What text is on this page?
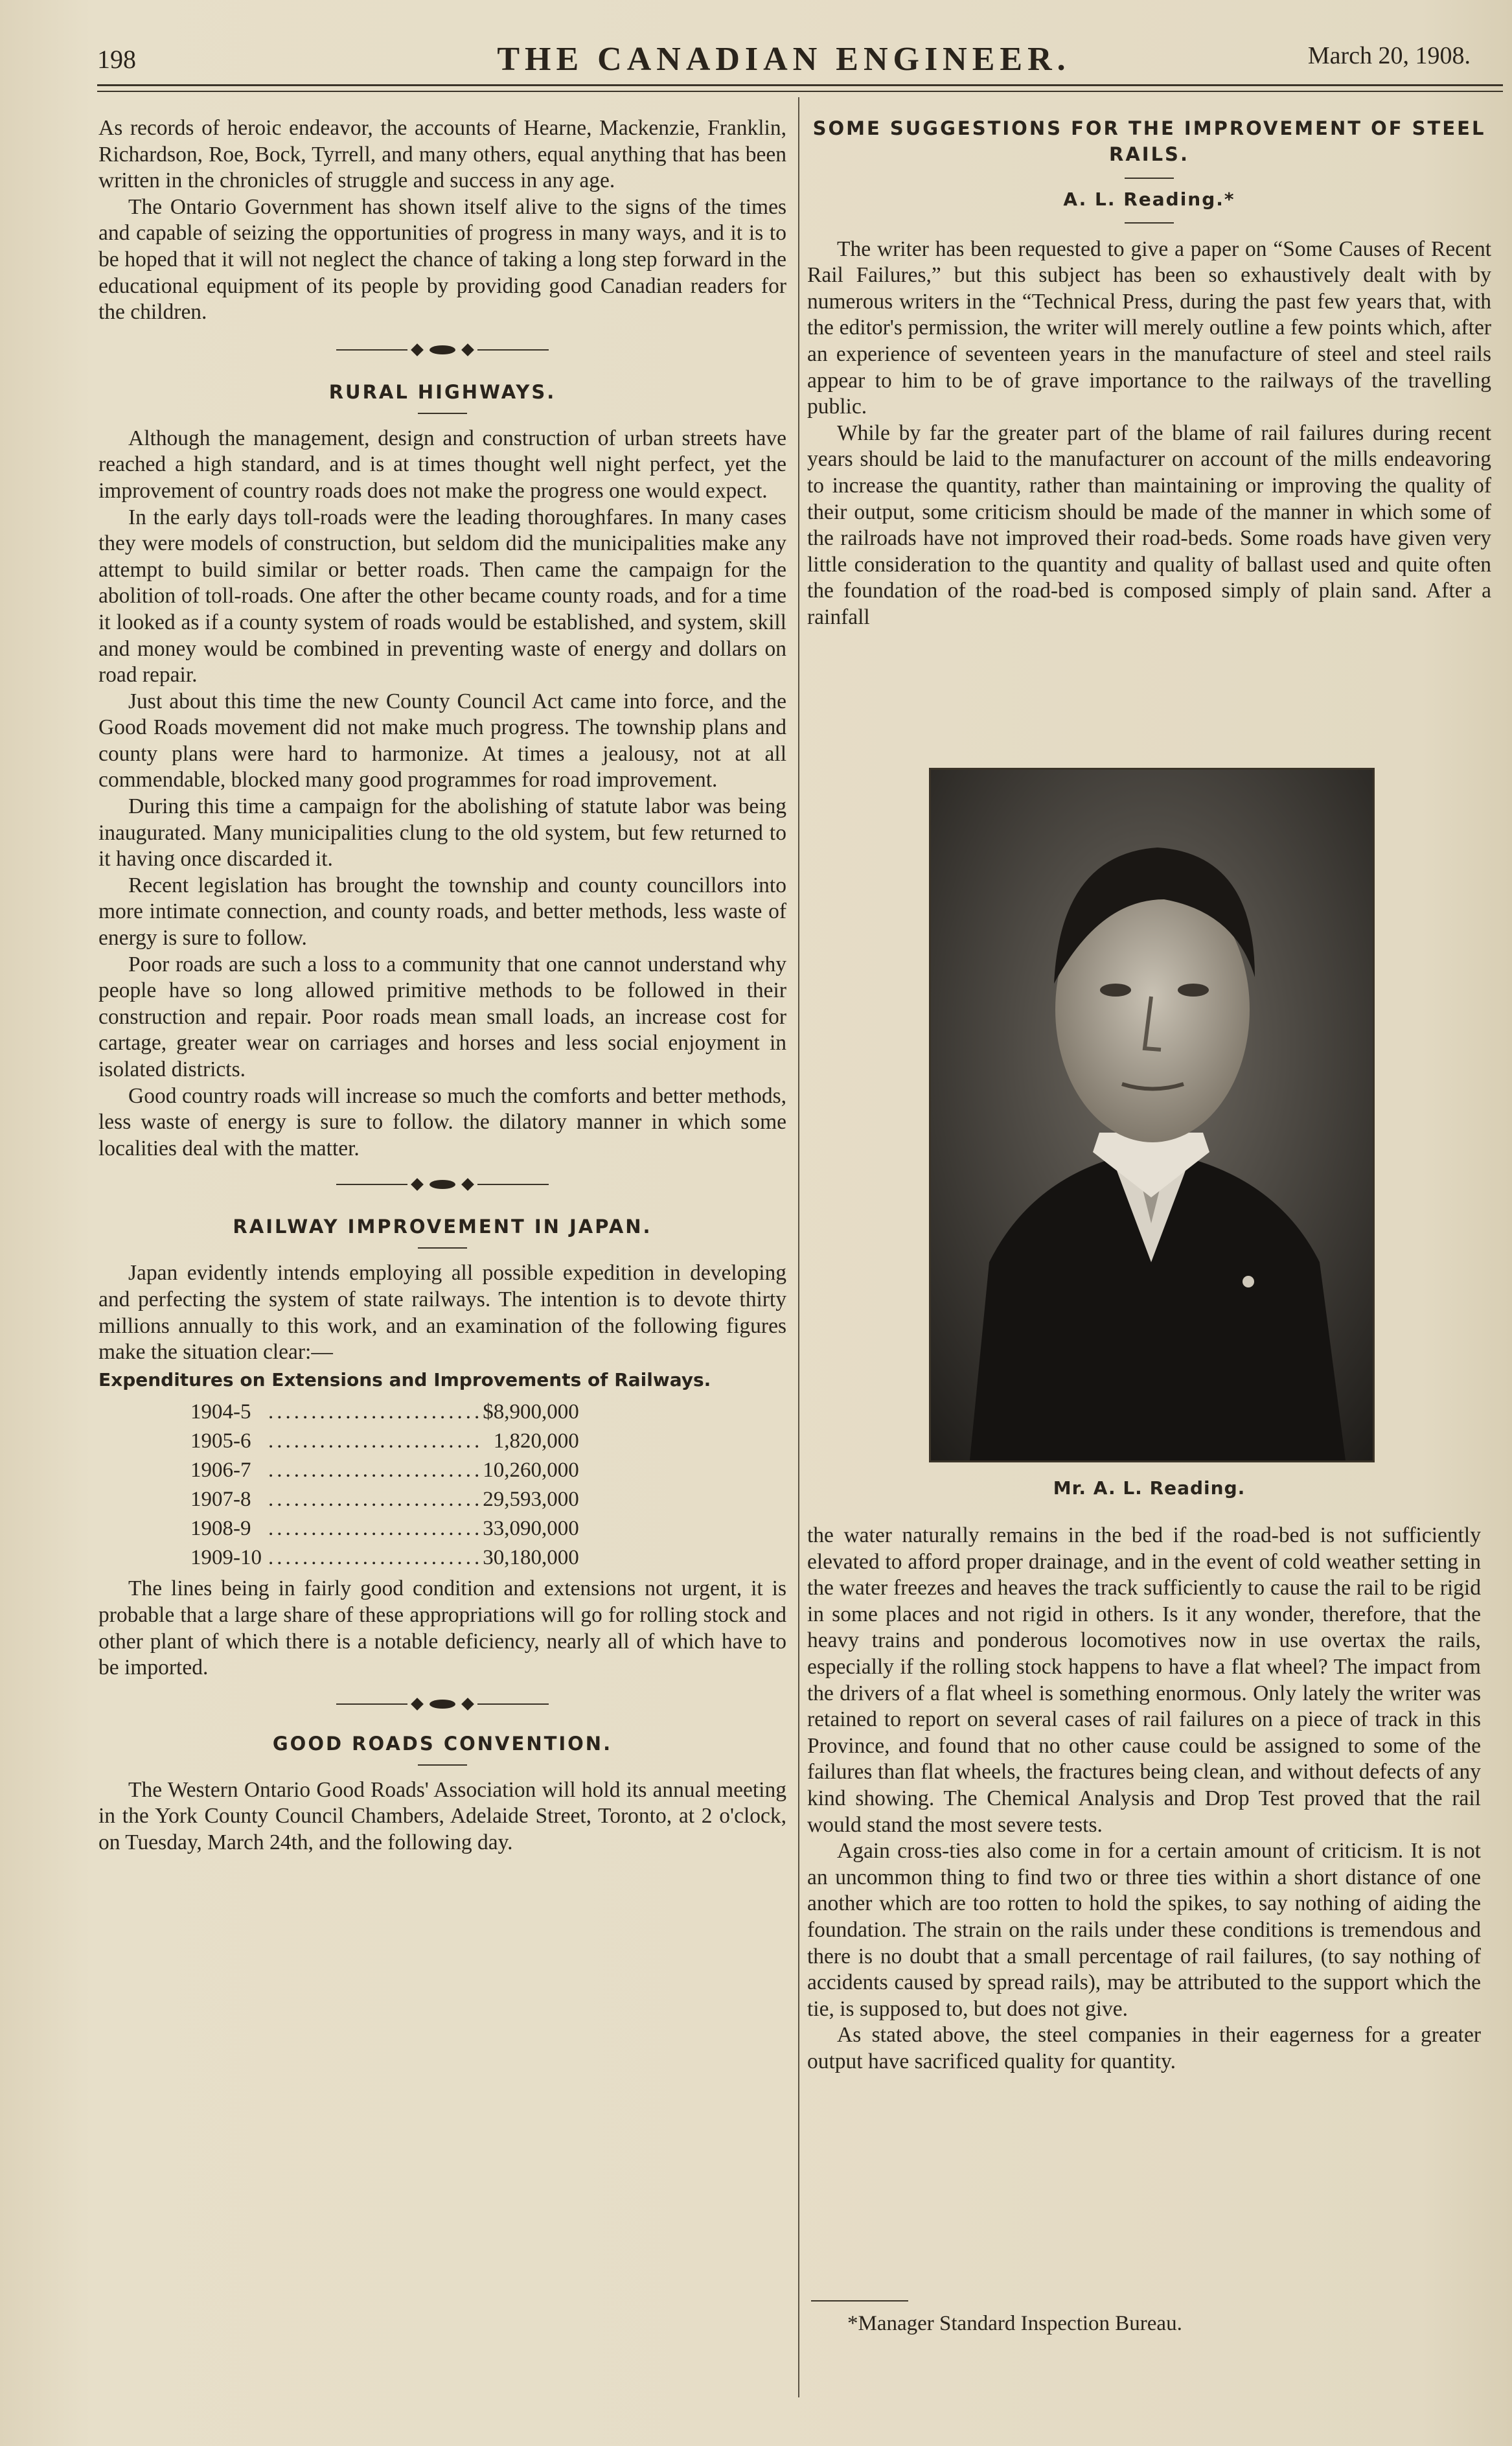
198	THE CANADIAN ENGINEER.	March 20, 1908.

As records of heroic endeavor, the accounts of Hearne, Mackenzie, Franklin, Richardson, Roe, Bock, Tyrrell, and many others, equal anything that has been written in the chronicles of struggle and success in any age.

The Ontario Government has shown itself alive to the signs of the times and capable of seizing the opportunities of progress in many ways, and it is to be hoped that it will not neglect the chance of taking a long step forward in the educational equipment of its people by providing good Canadian readers for the children.

RURAL HIGHWAYS.

Although the management, design and construction of urban streets have reached a high standard, and is at times thought well night perfect, yet the improvement of country roads does not make the progress one would expect.

In the early days toll-roads were the leading thoroughfares. In many cases they were models of construction, but seldom did the municipalities make any attempt to build similar or better roads. Then came the campaign for the abolition of toll-roads. One after the other became county roads, and for a time it looked as if a county system of roads would be established, and system, skill and money would be combined in preventing waste of energy and dollars on road repair.

Just about this time the new County Council Act came into force, and the Good Roads movement did not make much progress. The township plans and county plans were hard to harmonize. At times a jealousy, not at all commendable, blocked many good programmes for road improvement.

During this time a campaign for the abolishing of statute labor was being inaugurated. Many municipalities clung to the old system, but few returned to it having once discarded it.

Recent legislation has brought the township and county councillors into more intimate connection, and county roads, and better methods, less waste of energy is sure to follow.

Poor roads are such a loss to a community that one cannot understand why people have so long allowed primitive methods to be followed in their construction and repair. Poor roads mean small loads, an increase cost for cartage, greater wear on carriages and horses and less social enjoyment in isolated districts.

Good country roads will increase so much the comforts and better methods, less waste of energy is sure to follow. the dilatory manner in which some localities deal with the matter.

RAILWAY IMPROVEMENT IN JAPAN.

Japan evidently intends employing all possible expedition in developing and perfecting the system of state railways. The intention is to devote thirty millions annually to this work, and an examination of the following figures make the situation clear:—

Expenditures on Extensions and Improvements of Railways.
1904-5	.........................	$8,900,000
1905-6	.........................	1,820,000
1906-7	.........................	10,260,000
1907-8	.........................	29,593,000
1908-9	.........................	33,090,000
1909-10	.........................	30,180,000

The lines being in fairly good condition and extensions not urgent, it is probable that a large share of these appropriations will go for rolling stock and other plant of which there is a notable deficiency, nearly all of which have to be imported.

GOOD ROADS CONVENTION.

The Western Ontario Good Roads' Association will hold its annual meeting in the York County Council Chambers, Adelaide Street, Toronto, at 2 o'clock, on Tuesday, March 24th, and the following day.

SOME SUGGESTIONS FOR THE IMPROVEMENT OF STEEL RAILS.
A. L. Reading.*

The writer has been requested to give a paper on “Some Causes of Recent Rail Failures,” but this subject has been so exhaustively dealt with by numerous writers in the “Technical Press, during the past few years that, with the editor's permission, the writer will merely outline a few points which, after an experience of seventeen years in the manufacture of steel and steel rails appear to him to be of grave importance to the railways of the travelling public.

While by far the greater part of the blame of rail failures during recent years should be laid to the manufacturer on account of the mills endeavoring to increase the quantity, rather than maintaining or improving the quality of their output, some criticism should be made of the manner in which some of the railroads have not improved their road-beds. Some roads have given very little consideration to the quantity and quality of ballast used and quite often the foundation of the road-bed is composed simply of plain sand. After a rainfall

Mr. A. L. Reading.

the water naturally remains in the bed if the road-bed is not sufficiently elevated to afford proper drainage, and in the event of cold weather setting in the water freezes and heaves the track sufficiently to cause the rail to be rigid in some places and not rigid in others. Is it any wonder, therefore, that the heavy trains and ponderous locomotives now in use overtax the rails, especially if the rolling stock happens to have a flat wheel? The impact from the drivers of a flat wheel is something enormous. Only lately the writer was retained to report on several cases of rail failures on a piece of track in this Province, and found that no other cause could be assigned to some of the failures than flat wheels, the fractures being clean, and without defects of any kind showing. The Chemical Analysis and Drop Test proved that the rail would stand the most severe tests.

Again cross-ties also come in for a certain amount of criticism. It is not an uncommon thing to find two or three ties within a short distance of one another which are too rotten to hold the spikes, to say nothing of aiding the foundation. The strain on the rails under these conditions is tremendous and there is no doubt that a small percentage of rail failures, (to say nothing of accidents caused by spread rails), may be attributed to the support which the tie, is supposed to, but does not give.

As stated above, the steel companies in their eagerness for a greater output have sacrificed quality for quantity.

*Manager Standard Inspection Bureau.
